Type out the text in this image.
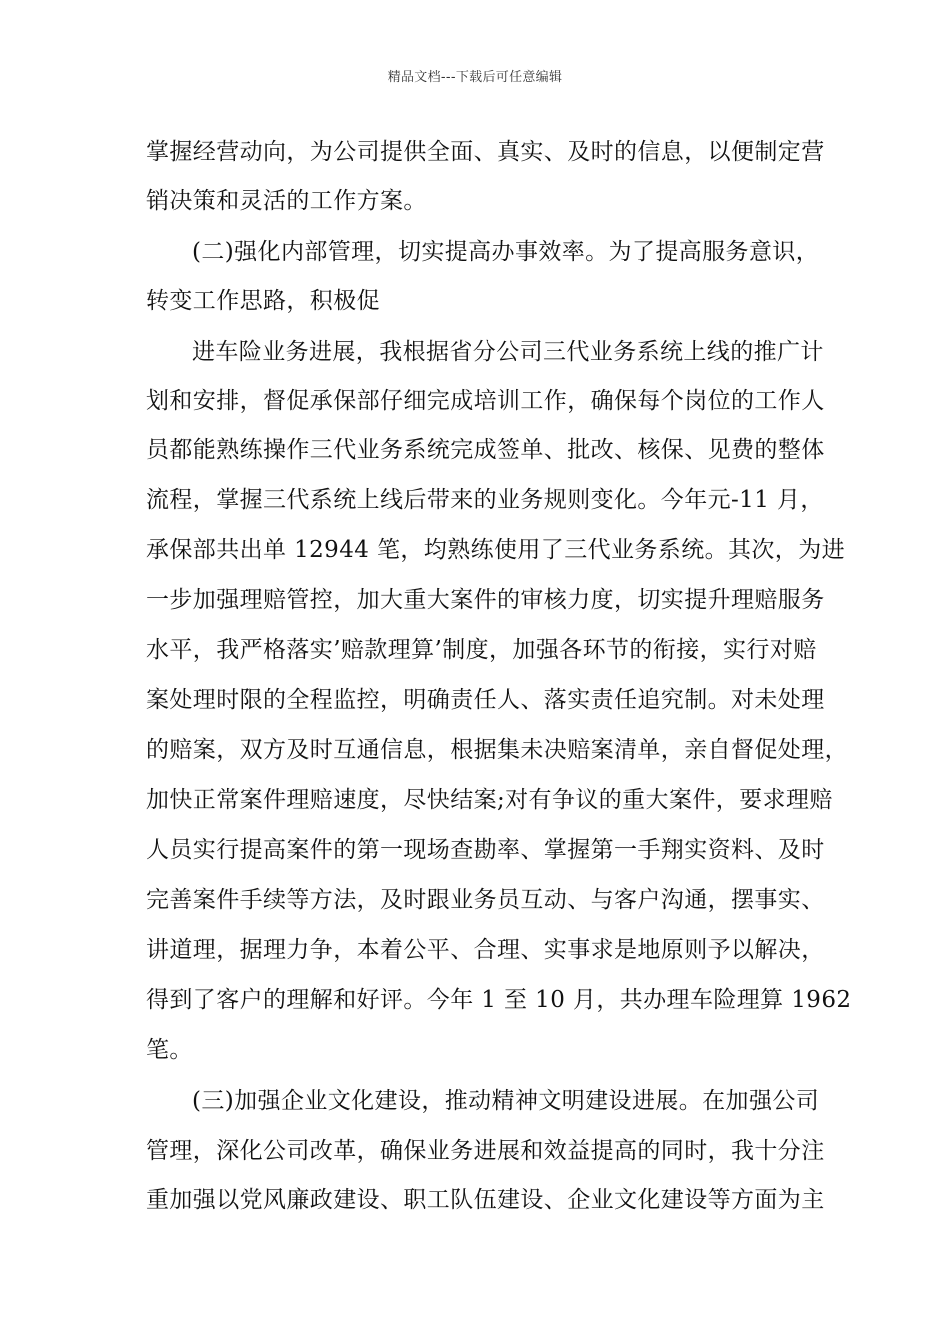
精品文档---下载后可任意编辑
掌握经营动向，为公司提供全面、真实、及时的信息，以便制定营
销决策和灵活的工作方案。
(二)强化内部管理，切实提高办事效率。为了提高服务意识，
转变工作思路，积极促
进车险业务进展，我根据省分公司三代业务系统上线的推广计
划和安排，督促承保部仔细完成培训工作，确保每个岗位的工作人
员都能熟练操作三代业务系统完成签单、批改、核保、见费的整体
流程，掌握三代系统上线后带来的业务规则变化。今年元-11 月，
承保部共出单 12944 笔，均熟练使用了三代业务系统。其次，为进
一步加强理赔管控，加大重大案件的审核力度，切实提升理赔服务
水平，我严格落实’赔款理算’制度，加强各环节的衔接，实行对赔
案处理时限的全程监控，明确责任人、落实责任追究制。对未处理
的赔案，双方及时互通信息，根据集未决赔案清单，亲自督促处理，
加快正常案件理赔速度，尽快结案;对有争议的重大案件，要求理赔
人员实行提高案件的第一现场查勘率、掌握第一手翔实资料、及时
完善案件手续等方法，及时跟业务员互动、与客户沟通，摆事实、
讲道理，据理力争，本着公平、合理、实事求是地原则予以解决，
得到了客户的理解和好评。今年 1 至 10 月，共办理车险理算 1962
笔。
(三)加强企业文化建设，推动精神文明建设进展。在加强公司
管理，深化公司改革，确保业务进展和效益提高的同时，我十分注
重加强以党风廉政建设、职工队伍建设、企业文化建设等方面为主
